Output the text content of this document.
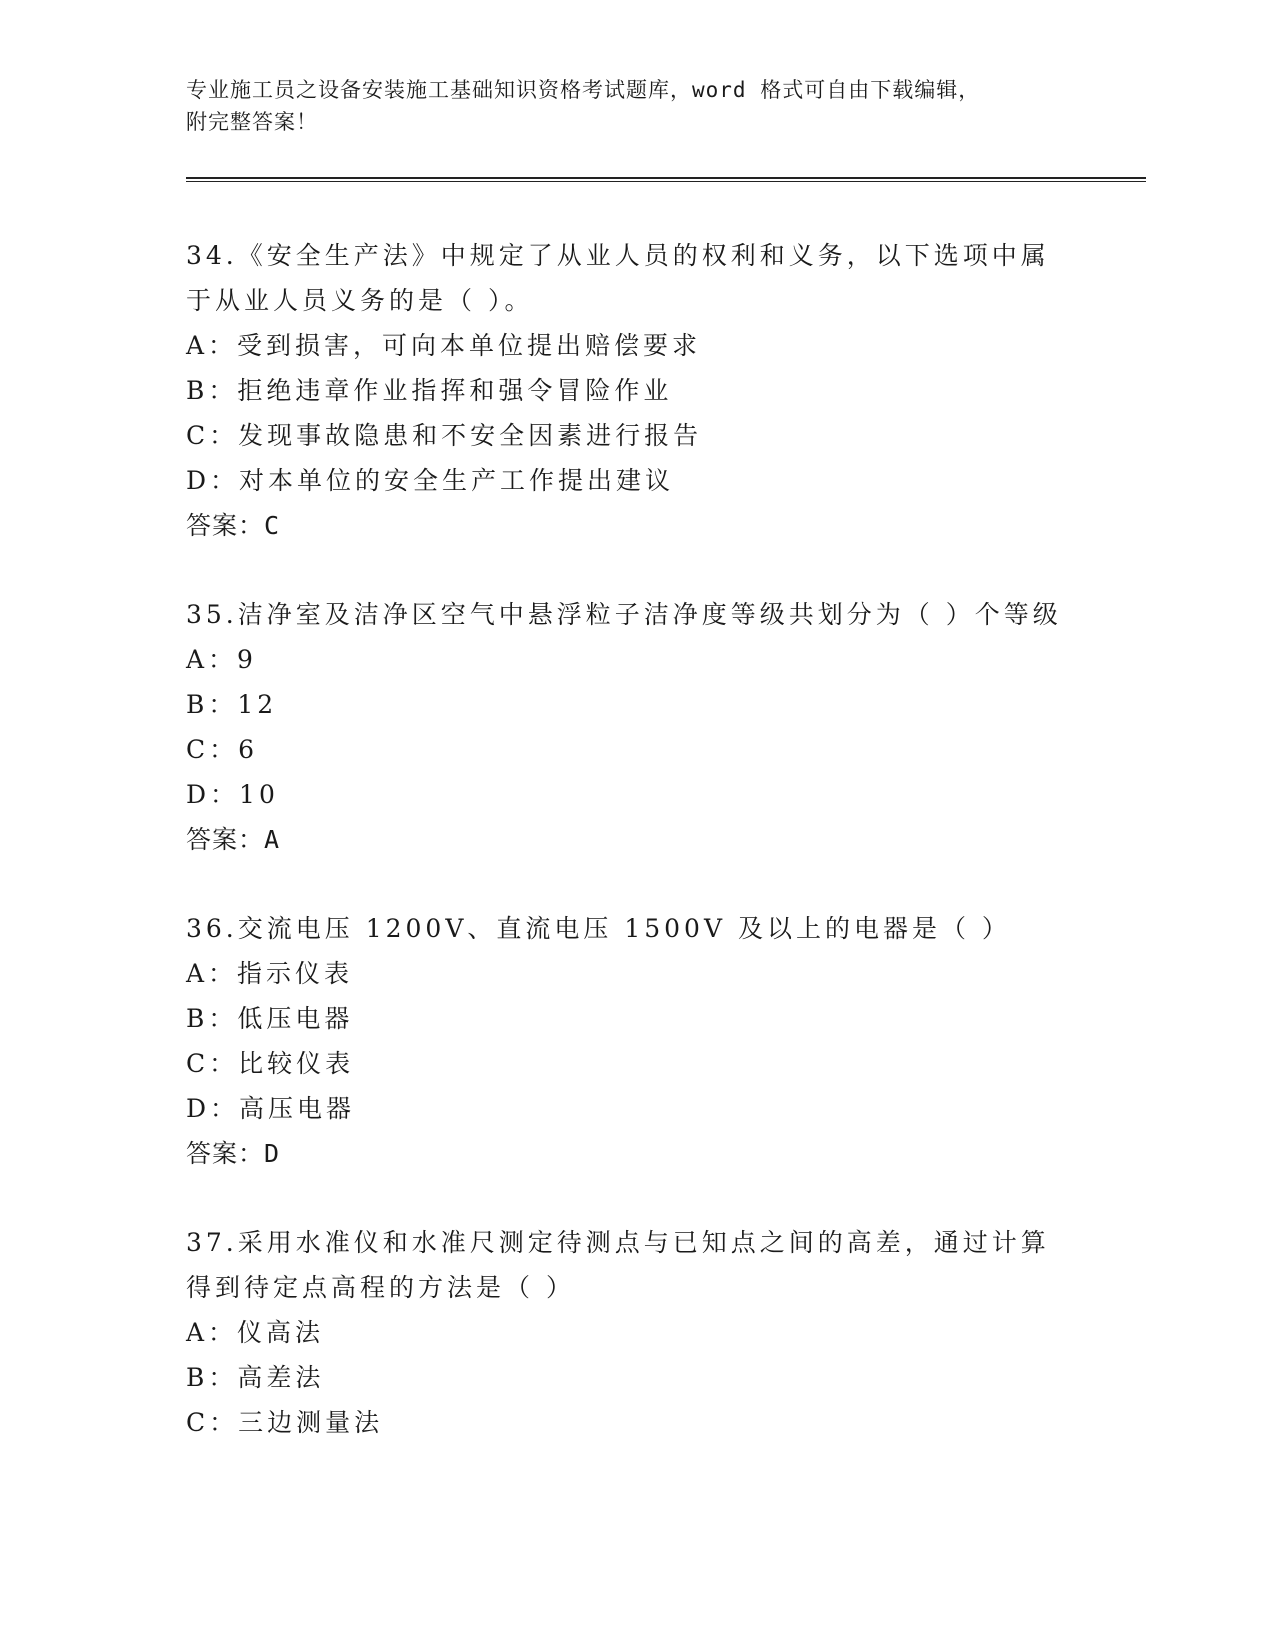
专业施工员之设备安装施工基础知识资格考试题库，word 格式可自由下载编辑，
附完整答案！
34.《安全生产法》中规定了从业人员的权利和义务，以下选项中属于从业人员义务的是（ ）。
A：受到损害，可向本单位提出赔偿要求
B：拒绝违章作业指挥和强令冒险作业
C：发现事故隐患和不安全因素进行报告
D：对本单位的安全生产工作提出建议
答案：C
35.洁净室及洁净区空气中悬浮粒子洁净度等级共划分为（ ）个等级
A：9
B：12
C：6
D：10
答案：A
36.交流电压 1200V、直流电压 1500V 及以上的电器是（ ）
A：指示仪表
B：低压电器
C：比较仪表
D：高压电器
答案：D
37.采用水准仪和水准尺测定待测点与已知点之间的高差，通过计算得到待定点高程的方法是（ ）
A：仪高法
B：高差法
C：三边测量法
